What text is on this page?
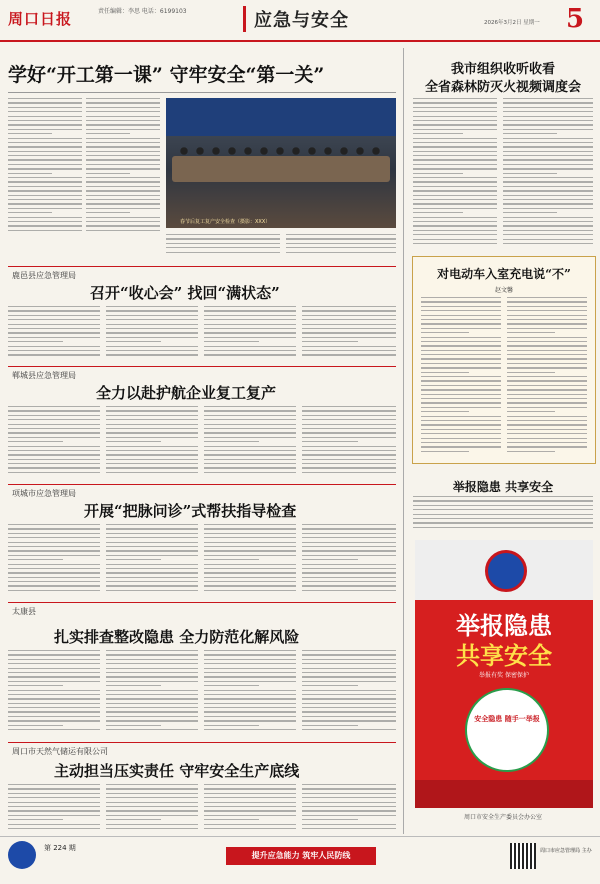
周口日报	责任编辑：李思 电话：6199103	应急与安全	2026年3月2日 星期一 5
学好“开工第一课” 守牢安全“第一关”
春节后复工复产安全检查（摄影：XXX）
我市组织收听收看
全省森林防灭火视频调度会
对电动车入室充电说“不”
赵文馨
举报隐患 共享安全
举报隐患
共享安全
举报有奖 保密保护
安全隐患 随手一举报
周口市安全生产委员会办公室
鹿邑县应急管理局
召开“收心会” 找回“满状态”
郸城县应急管理局
全力以赴护航企业复工复产
项城市应急管理局
开展“把脉问诊”式帮扶指导检查
太康县
扎实排查整改隐患 全力防范化解风险
周口市天然气储运有限公司
主动担当压实责任 守牢安全生产底线
第 224 期
提升应急能力 筑牢人民防线	周口市应急管理局 主办
